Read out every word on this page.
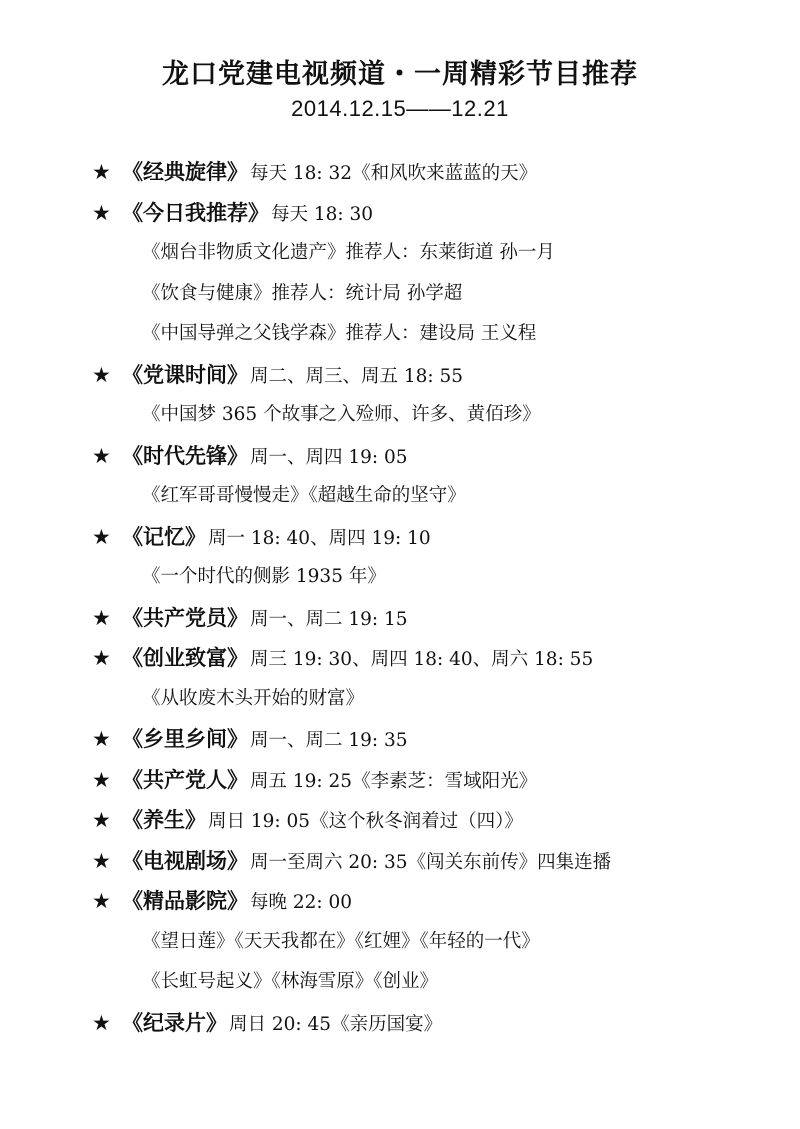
龙口党建电视频道・一周精彩节目推荐
2014.12.15——12.21
★ 《经典旋律》 每天 18: 32《和风吹来蓝蓝的天》
★ 《今日我推荐》 每天 18: 30
《烟台非物质文化遗产》推荐人：东莱街道 孙一月
《饮食与健康》推荐人：统计局 孙学超
《中国导弹之父钱学森》推荐人：建设局 王义程
★ 《党课时间》 周二、周三、周五 18: 55
《中国梦 365 个故事之入殓师、许多、黄佰珍》
★ 《时代先锋》 周一、周四 19: 05
《红军哥哥慢慢走》《超越生命的坚守》
★ 《记忆》 周一 18: 40、周四 19: 10
《一个时代的侧影 1935 年》
★ 《共产党员》 周一、周二 19: 15
★ 《创业致富》 周三 19: 30、周四 18: 40、周六 18: 55
《从收废木头开始的财富》
★ 《乡里乡间》 周一、周二 19: 35
★ 《共产党人》 周五 19: 25《李素芝：雪域阳光》
★ 《养生》 周日 19: 05《这个秋冬润着过（四）》
★ 《电视剧场》 周一至周六 20: 35《闯关东前传》四集连播
★ 《精品影院》 每晚 22: 00
《望日莲》《天天我都在》《红娌》《年轻的一代》
《长虹号起义》《林海雪原》《创业》
★ 《纪录片》 周日 20: 45《亲历国宴》
